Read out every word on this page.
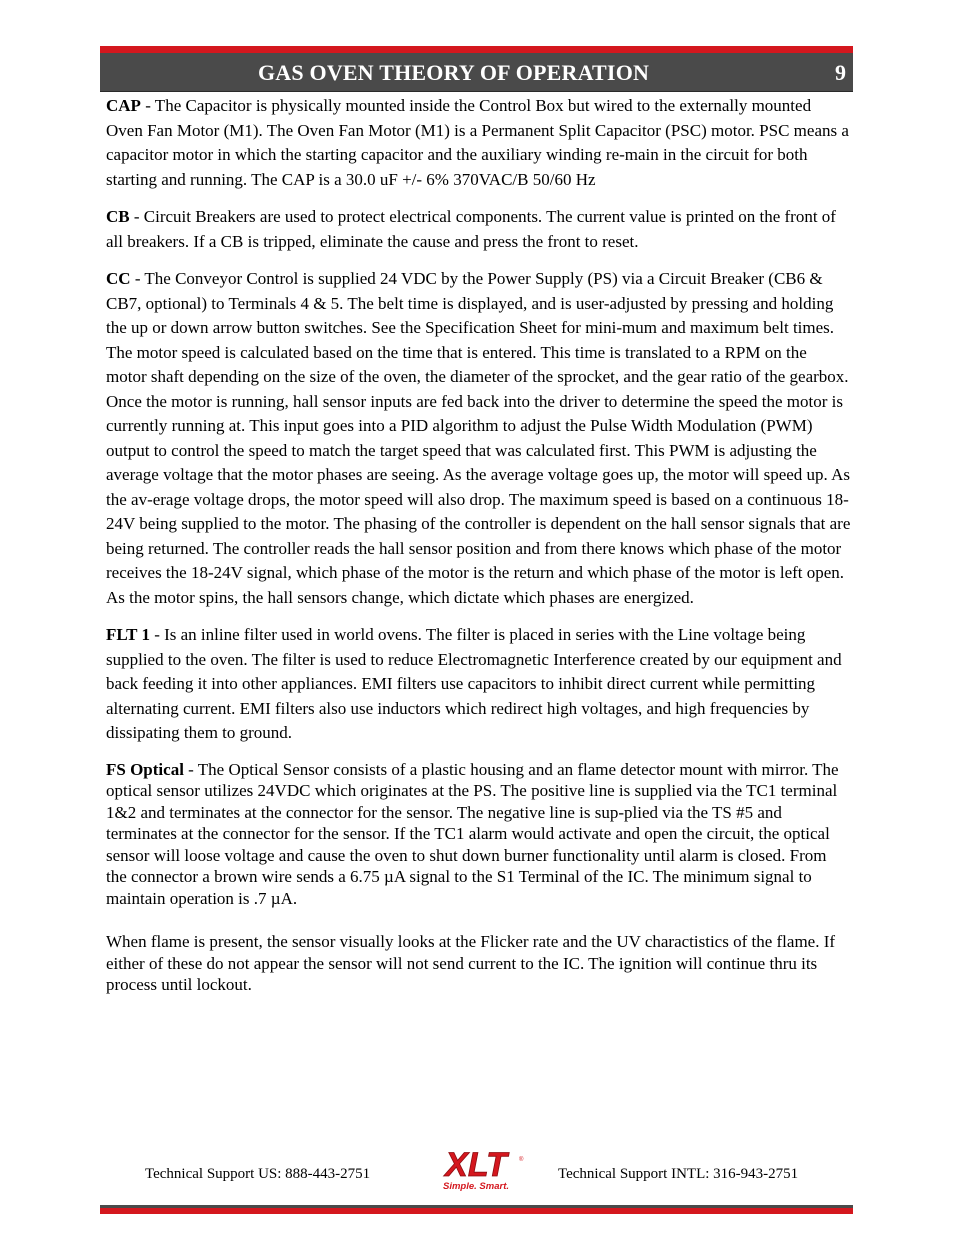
GAS OVEN THEORY OF OPERATION	9

CAP - The Capacitor is physically mounted inside the Control Box but wired to the externally mounted Oven Fan Motor (M1). The Oven Fan Motor (M1) is a Permanent Split Capacitor (PSC) motor. PSC means a capacitor motor in which the starting capacitor and the auxiliary winding re-main in the circuit for both starting and running. The CAP is a 30.0 uF +/- 6% 370VAC/B 50/60 Hz

CB - Circuit Breakers are used to protect electrical components. The current value is printed on the front of all breakers. If a CB is tripped, eliminate the cause and press the front to reset.

CC - The Conveyor Control is supplied 24 VDC by the Power Supply (PS) via a Circuit Breaker (CB6 & CB7, optional) to Terminals 4 & 5. The belt time is displayed, and is user-adjusted by pressing and holding the up or down arrow button switches. See the Specification Sheet for mini-mum and maximum belt times. The motor speed is calculated based on the time that is entered. This time is translated to a RPM on the motor shaft depending on the size of the oven, the diameter of the sprocket, and the gear ratio of the gearbox. Once the motor is running, hall sensor inputs are fed back into the driver to determine the speed the motor is currently running at. This input goes into a PID algorithm to adjust the Pulse Width Modulation (PWM) output to control the speed to match the target speed that was calculated first. This PWM is adjusting the average voltage that the motor phases are seeing. As the average voltage goes up, the motor will speed up. As the av-erage voltage drops, the motor speed will also drop. The maximum speed is based on a continuous 18-24V being supplied to the motor. The phasing of the controller is dependent on the hall sensor signals that are being returned. The controller reads the hall sensor position and from there knows which phase of the motor receives the 18-24V signal, which phase of the motor is the return and which phase of the motor is left open. As the motor spins, the hall sensors change, which dictate which phases are energized.

FLT 1 - Is an inline filter used in world ovens. The filter is placed in series with the Line voltage being supplied to the oven. The filter is used to reduce Electromagnetic Interference created by our equipment and back feeding it into other appliances. EMI filters use capacitors to inhibit direct current while permitting alternating current. EMI filters also use inductors which redirect high voltages, and high frequencies by dissipating them to ground.

FS Optical - The Optical Sensor consists of a plastic housing and an flame detector mount with mirror. The optical sensor utilizes 24VDC which originates at the PS. The positive line is supplied via the TC1 terminal 1&2 and terminates at the connector for the sensor. The negative line is sup-plied via the TS #5 and terminates at the connector for the sensor. If the TC1 alarm would activate and open the circuit, the optical sensor will loose voltage and cause the oven to shut down burner functionality until alarm is closed. From the connector a brown wire sends a 6.75 µA signal to the S1 Terminal of the IC. The minimum signal to maintain operation is .7 µA.

When flame is present, the sensor visually looks at the Flicker rate and the UV charactistics of the flame. If either of these do not appear the sensor will not send current to the IC. The ignition will continue thru its process until lockout.

Technical Support US: 888-443-2751 XLT	®
Simple. Smart.
Technical Support INTL: 316-943-2751
